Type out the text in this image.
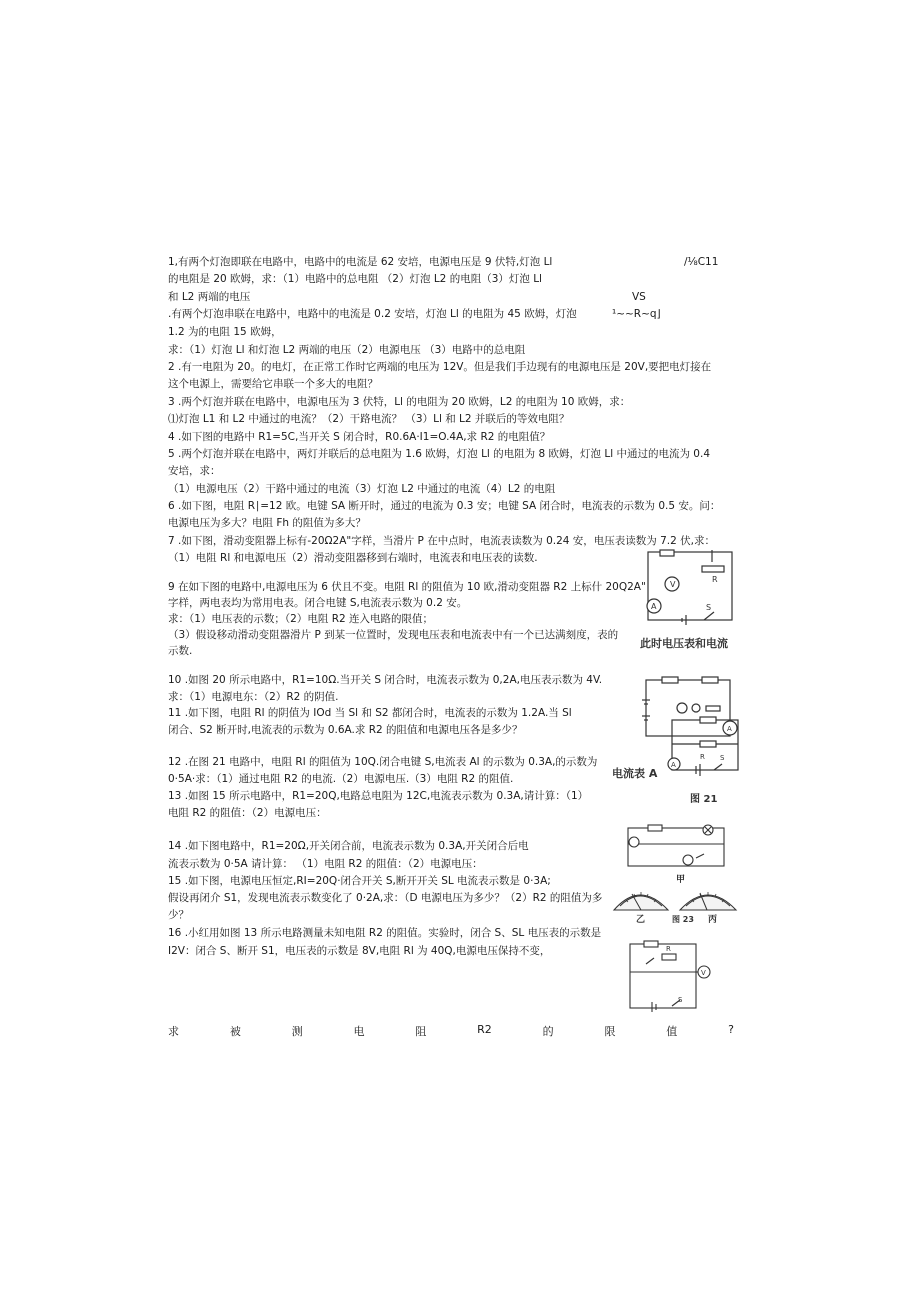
1,有两个灯泡即联在电路中，电路中的电流是 62 安培，电源电压是 9 伏特,灯泡 Ll
的电阻是 20 欧姆，求：（1）电路中的总电阻 （2）灯泡 L2 的电阻（3）灯泡 Ll
和 L2 两端的电压
.有两个灯泡串联在电路中，电路中的电流是 0.2 安培，灯泡 Ll 的电阻为 45 欧姆，灯泡
1.2 为的电阻 15 欧姆，
求：（1）灯泡 Ll 和灯泡 L2 两端的电压（2）电源电压 （3）电路中的总电阻
2 .有一电阻为 20。的电灯，在正常工作时它两端的电压为 12V。但是我们手边现有的电源电压是 20V,要把电灯接在
这个电源上，需要给它串联一个多大的电阻？
3 .两个灯泡并联在电路中，电源电压为 3 伏特，Ll 的电阻为 20 欧姆，L2 的电阻为 10 欧姆，求：
⑴灯泡 L1 和 L2 中通过的电流？（2）干路电流？ （3）Ll 和 L2 并联后的等效电阻？
4 .如下图的电路中 R1=5C,当开关 S 闭合时，R0.6A·I1=O.4A,求 R2 的电阻值？
5 .两个灯泡并联在电路中，两灯并联后的总电阻为 1.6 欧姆，灯泡 Ll 的电阻为 8 欧姆，灯泡 Ll 中通过的电流为 0.4
安培，求：
（1）电源电压（2）干路中通过的电流（3）灯泡 L2 中通过的电流（4）L2 的电阻
6 .如下图，电阻 R∣=12 欧。电键 SA 断开时，通过的电流为 0.3 安；电键 SA 闭合时，电流表的示数为 0.5 安。问：
电源电压为多大？电阻 Fh 的阻值为多大？
7 .如下图，滑动变阻器上标有-20Ω2A"字样，当滑片 P 在中点时，电流表读数为 0.24 安，电压表读数为 7.2 伏,求：
（1）电阻 Rl 和电源电压（2）滑动变阻器移到右端时，电流表和电压表的读数.
9 在如下图的电路中,电源电压为 6 伏且不变。电阻 Rl 的阻值为 10 欧,滑动变阻器 R2 上标什 20Q2A"
字样，两电表均为常用电表。闭合电键 S,电流表示数为 0.2 安。
求：（1）电压表的示数；（2）电阻 R2 连入电路的限值；
（3）假设移动滑动变阻器滑片 P 到某一位置时，发现电压表和电流表中有一个已达满刻度，表的
示数.
10 .如图 20 所示电路中，R1=10Ω.当开关 S 闭合时，电流表示数为 0,2A,电压表示数为 4V.
求：（1）电源电东：（2）R2 的阴值.
11 .如下图，电阻 Rl 的阴值为 IOd 当 Sl 和 S2 都闭合时，电流表的示数为 1.2A.当 Sl
闭合、S2 断开时,电流表的示数为 0.6A.求 R2 的阻值和电源电压各是多少？
12 .在图 21 电路中，电阻 Rl 的阻值为 10Q.闭合电键 S,电流表 Al 的示数为 0.3A,的示数为
0·5A·求：（1）通过电阻 R2 的电流.（2）电源电压.（3）电阻 R2 的阻值.
13 .如图 15 所示电路中，R1=20Q,电路总电阻为 12C,电流表示数为 0.3A,请计算：（1）
电阻 R2 的阻值：（2）电源电压：
14 .如下图电路中，R1=20Ω,开关闭合前，电流表示数为 0.3A,开关闭合后电
流表示数为 0·5A 请计算： （1）电阻 R2 的阻值：（2）电源电压：
15 .如下图，电源电压恒定,RI=20Q·闭合开关 S,断开开关 SL 电流表示数是 0·3A;
假设再闭介 S1，发现电流表示数变化了 0·2A,求：（D 电源电压为多少？（2）R2 的阻值为多
少？
16 .小红用如图 13 所示电路测量未知电阻 R2 的阻值。实验时，闭合 S、SL 电压表的示数是
I2V：闭合 S、断开 S1，电压表的示数是 8V,电阻 Rl 为 40Q,电源电压保持不变，
/⅛C11
VS
¹~~R~q⌋
求	被	测	电	阻	R2	的	限	值	?
V
A
R
S
此时电压表和电流
A
A
R S
电流表 A
图 21
甲
乙	图 23 丙
V
R
S
